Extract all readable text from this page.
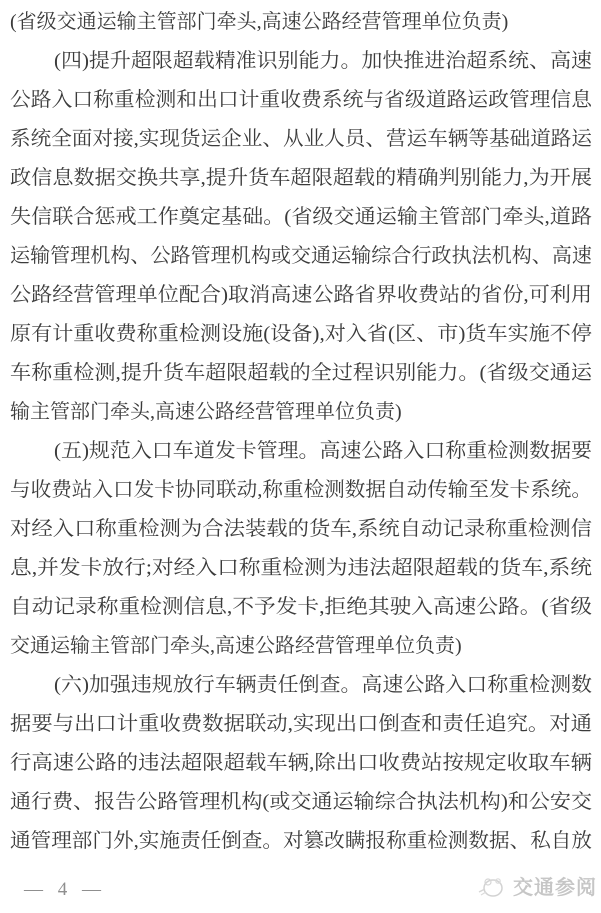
(省级交通运输主管部门牵头,高速公路经营管理单位负责)
(四)提升超限超载精准识别能力。加快推进治超系统、高速
公路入口称重检测和出口计重收费系统与省级道路运政管理信息
系统全面对接,实现货运企业、从业人员、营运车辆等基础道路运
政信息数据交换共享,提升货车超限超载的精确判别能力,为开展
失信联合惩戒工作奠定基础。(省级交通运输主管部门牵头,道路
运输管理机构、公路管理机构或交通运输综合行政执法机构、高速
公路经营管理单位配合)取消高速公路省界收费站的省份,可利用
原有计重收费称重检测设施(设备),对入省(区、市)货车实施不停
车称重检测,提升货车超限超载的全过程识别能力。(省级交通运
输主管部门牵头,高速公路经营管理单位负责)
(五)规范入口车道发卡管理。高速公路入口称重检测数据要
与收费站入口发卡协同联动,称重检测数据自动传输至发卡系统。
对经入口称重检测为合法装载的货车,系统自动记录称重检测信
息,并发卡放行;对经入口称重检测为违法超限超载的货车,系统
自动记录称重检测信息,不予发卡,拒绝其驶入高速公路。(省级
交通运输主管部门牵头,高速公路经营管理单位负责)
(六)加强违规放行车辆责任倒查。高速公路入口称重检测数
据要与出口计重收费数据联动,实现出口倒查和责任追究。对通
行高速公路的违法超限超载车辆,除出口收费站按规定收取车辆
通行费、报告公路管理机构(或交通运输综合执法机构)和公安交
通管理部门外,实施责任倒查。对篡改瞒报称重检测数据、私自放
— 4 —	交通参阅
